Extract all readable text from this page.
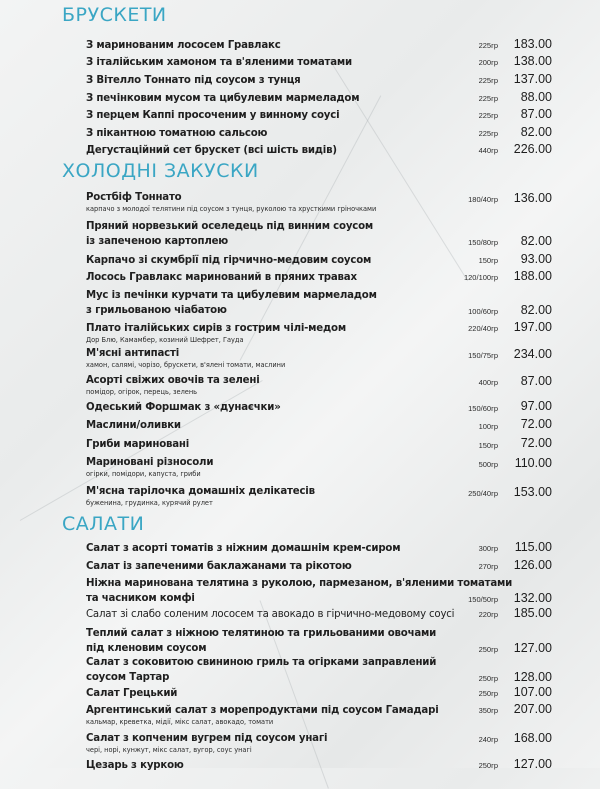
БРУСКЕТИ
З маринованим лососем Гравлакс	225гр	183.00
З італійським хамоном та в'яленими томатами	200гр	138.00
З Вітелло Тоннато під соусом з тунця	225гр	137.00
З печінковим мусом та цибулевим мармеладом	225гр	88.00
З перцем Каппі просоченим у винному соусі	225гр	87.00
З пікантною томатною сальсою	225гр	82.00
Дегустаційний сет брускет (всі шість видів)	440гр	226.00
ХОЛОДНІ ЗАКУСКИ
Ростбіф Тоннато
карпачо з молодої телятини під соусом з тунця, руколою та хрусткими гріночками
180/40гр	136.00
Пряний норвезький оселедець під винним соусом
із запеченою картоплею	150/80гр	82.00
Карпачо зі скумбрії під гірчично-медовим соусом	150гр	93.00
Лосось Гравлакс маринований в пряних травах	120/100гр	188.00
Мус із печінки курчати та цибулевим мармеладом
з грильованою чіабатою	100/60гр	82.00
Плато італійських сирів з гострим чілі-медом
Дор Блю, Камамбер, козиний Шефрет, Гауда
220/40гр	197.00
М'ясні антипасті
хамон, салямі, чорізо, брускети, в'ялені томати, маслини
150/75гр	234.00
Асорті свіжих овочів та зелені
помідор, огірок, перець, зелень
400гр	87.00
Одеський Форшмак з «дунаєчки»	150/60гр	97.00
Маслини/оливки	100гр	72.00
Гриби мариновані	150гр	72.00
Мариновані різносоли
огірки, помідори, капуста, гриби
500гр	110.00
М'ясна тарілочка домашніх делікатесів
буженина, грудинка, курячий рулет
250/40гр	153.00
САЛАТИ
Салат з асорті томатів з ніжним домашнім крем-сиром	300гр	115.00
Салат із запеченими баклажанами та рікотою	270гр	126.00
Ніжна маринована телятина з руколою, пармезаном, в'яленими томатами
та часником комфі	150/50гр	132.00
Салат зі слабо соленим лососем та авокадо в гірчично-медовому соусі	220гр	185.00
Теплий салат з ніжною телятиною та грильованими овочами
під кленовим соусом	250гр	127.00
Салат з соковитою свининою гриль та огірками заправлений
соусом Тартар	250гр	128.00
Салат Грецький	250гр	107.00
Аргентинський салат з морепродуктами під соусом Гамадарі
кальмар, креветка, мідії, мікс салат, авокадо, томати
350гр	207.00
Салат з копченим вугрем під соусом унагі
чері, норі, кунжут, мікс салат, вугор, соус унагі
240гр	168.00
Цезарь з куркою	250гр	127.00
